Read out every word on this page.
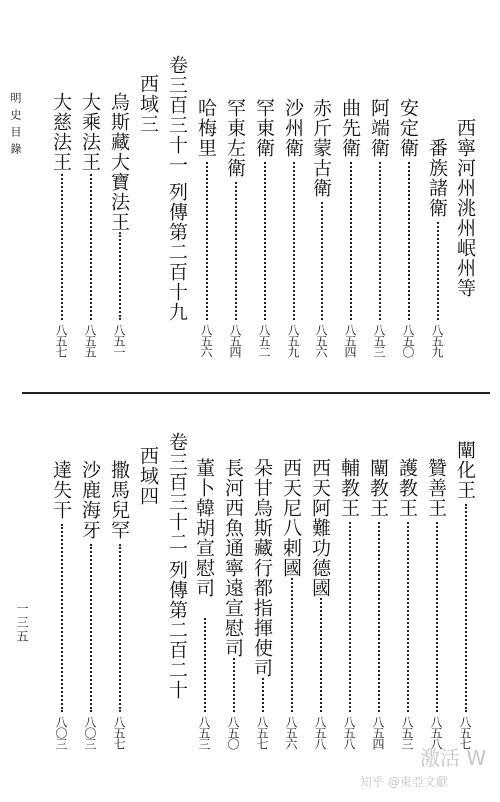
明史目錄
一三五
西寧河州洮州岷州等
番族諸衛
八五九
安定衛
八五〇
阿端衛
八五三
曲先衛
八五四
赤斤蒙古衛
八五六
沙州衛
八五九
罕東衛
八五二
罕東左衛
八五四
哈梅里
八五六
卷三百三十一
列傳第二百十九
西域三
烏斯藏大寶法王
八五一
大乘法王
八五五
大慈法王
八五七
闡化王
八五七
贊善王
八五八
護教王
八五三
闡教王
八五四
輔教王
八五八
西天阿難功德國
八五八
西天尼八剌國
八五六
朵甘烏斯藏行都指揮使司
八五七
長河西魚通寧遠宣慰司
八五〇
董卜韓胡宣慰司
八五三
卷三百三十二
列傳第二百二十
西域四
撒馬兒罕
八五七
沙鹿海牙
八〇三
達失干
八〇三
激活 W
知乎 @東亞文獻
